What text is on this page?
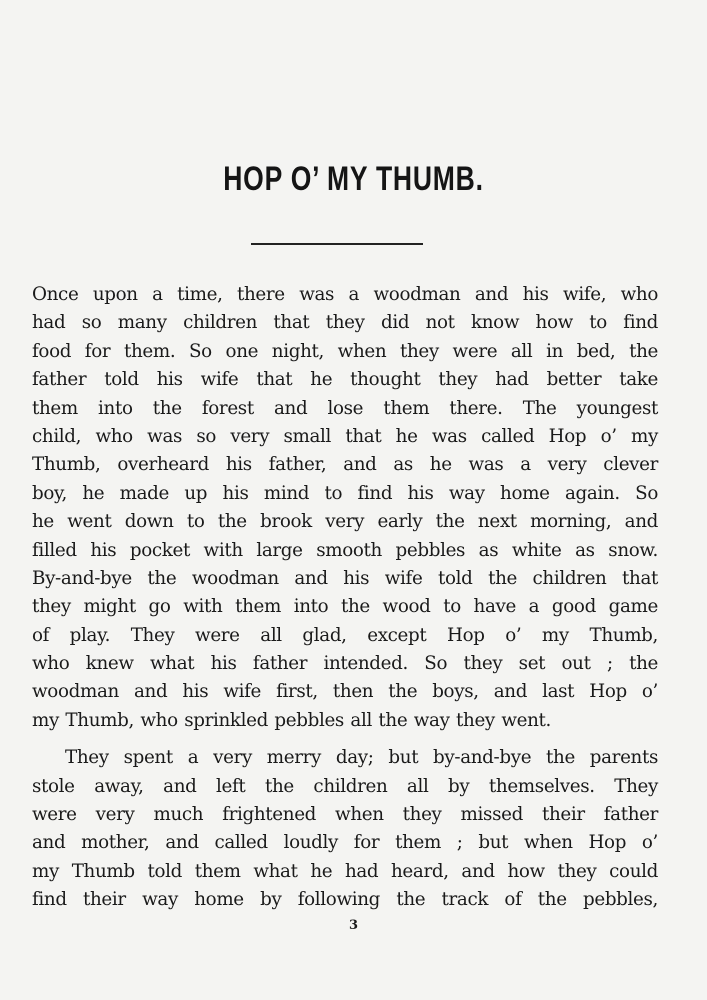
HOP O’ MY THUMB.

Once upon a time, there was a woodman and his wife, who
had so many children that they did not know how to find
food for them. So one night, when they were all in bed, the
father told his wife that he thought they had better take
them into the forest and lose them there. The youngest
child, who was so very small that he was called Hop o’ my
Thumb, overheard his father, and as he was a very clever
boy, he made up his mind to find his way home again. So
he went down to the brook very early the next morning, and
filled his pocket with large smooth pebbles as white as snow.
By-and-bye the woodman and his wife told the children that
they might go with them into the wood to have a good game
of play. They were all glad, except Hop o’ my Thumb,
who knew what his father intended. So they set out ; the
woodman and his wife first, then the boys, and last Hop o’
my Thumb, who sprinkled pebbles all the way they went.

They spent a very merry day; but by-and-bye the parents
stole away, and left the children all by themselves. They
were very much frightened when they missed their father
and mother, and called loudly for them ; but when Hop o’
my Thumb told them what he had heard, and how they could
find their way home by following the track of the pebbles,

3
